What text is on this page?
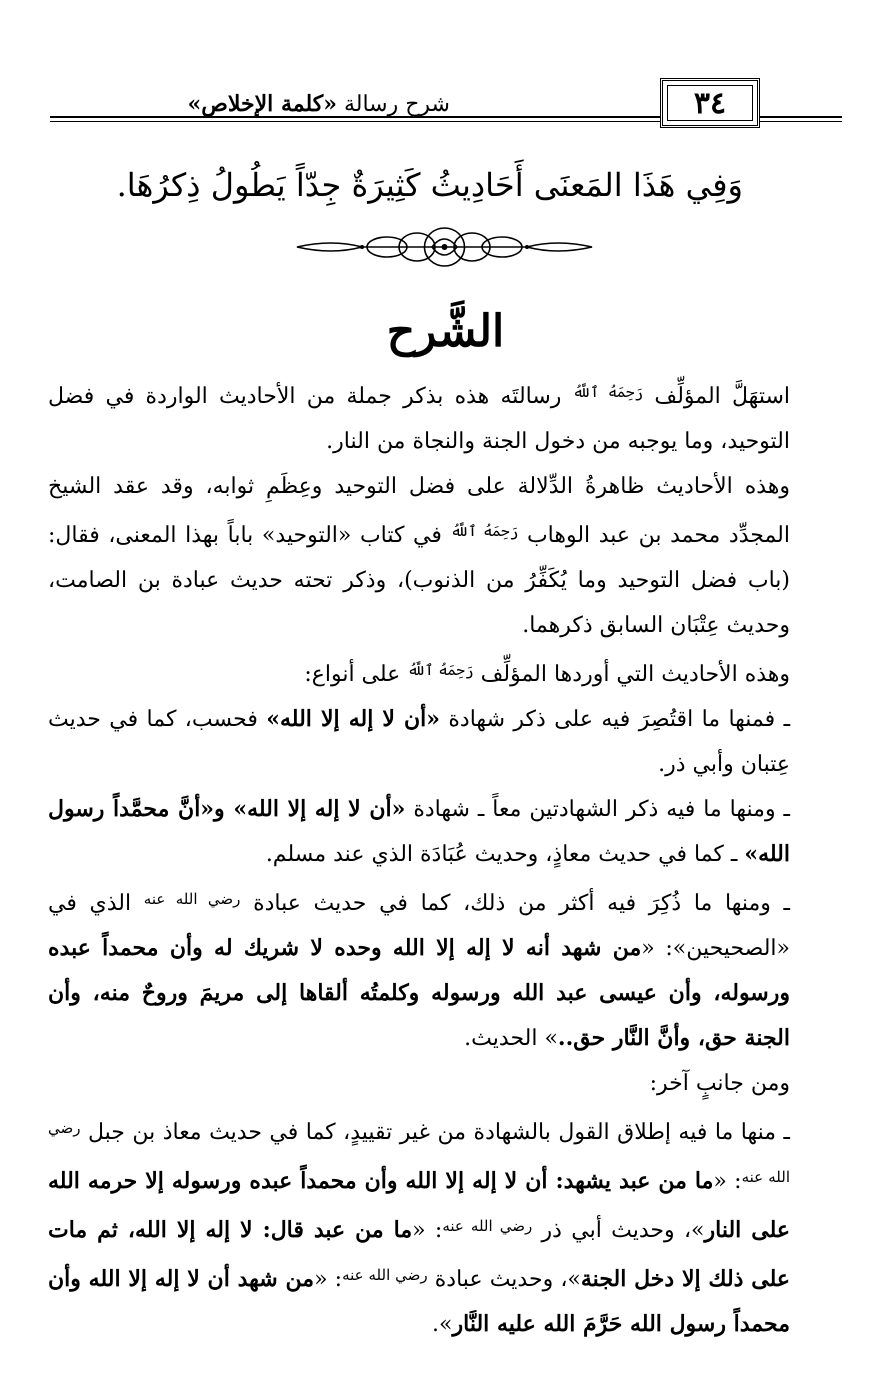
شرح رسالة «كلمة الإخلاص»	٣٤
وَفِي هَذَا المَعنَى أَحَادِيثُ كَثِيرَةٌ جِدّاً يَطُولُ ذِكرُهَا.
الشَّرح

استهَلَّ المؤلِّف $^{رَحِمَهُ ٱللَّهُ}$ رسالتَه هذه بذكر جملة من الأحاديث الواردة في فضل التوحيد، وما يوجبه من دخول الجنة والنجاة من النار.

وهذه الأحاديث ظاهرةُ الدِّلالة على فضل التوحيد وعِظَمِ ثوابه، وقد عقد الشيخ المجدِّد محمد بن عبد الوهاب $^{رَحِمَهُ ٱللَّهُ}$ في كتاب «التوحيد» باباً بهذا المعنى، فقال: (باب فضل التوحيد وما يُكَفِّرُ من الذنوب)، وذكر تحته حديث عبادة بن الصامت، وحديث عِتْبَان السابق ذكرهما.

وهذه الأحاديث التي أوردها المؤلِّف $^{رَحِمَهُ ٱللَّهُ}$ على أنواع:

ـ فمنها ما اقتُصِرَ فيه على ذكر شهادة «أن لا إله إلا الله» فحسب، كما في حديث عِتبان وأبي ذر.

ـ ومنها ما فيه ذكر الشهادتين معاً ـ شهادة «أن لا إله إلا الله» و«أنَّ محمَّداً رسول الله» ـ كما في حديث معاذٍ، وحديث عُبَادَة الذي عند مسلم.

ـ ومنها ما ذُكِرَ فيه أكثر من ذلك، كما في حديث عبادة $^{رضي الله عنه}$ الذي في «الصحيحين»: «من شهد أنه لا إله إلا الله وحده لا شريك له وأن محمداً عبده ورسوله، وأن عيسى عبد الله ورسوله وكلمتُه ألقاها إلى مريمَ وروحٌ منه، وأن الجنة حق، وأنَّ النَّار حق..» الحديث.

ومن جانبٍ آخر:

ـ منها ما فيه إطلاق القول بالشهادة من غير تقييدٍ، كما في حديث معاذ بن جبل $^{رضي الله عنه}$: «ما من عبد يشهد: أن لا إله إلا الله وأن محمداً عبده ورسوله إلا حرمه الله على النار»، وحديث أبي ذر $^{رضي الله عنه}$: «ما من عبد قال: لا إله إلا الله، ثم مات على ذلك إلا دخل الجنة»، وحديث عبادة $^{رضي الله عنه}$: «من شهد أن لا إله إلا الله وأن محمداً رسول الله حَرَّمَ الله عليه النَّار».
